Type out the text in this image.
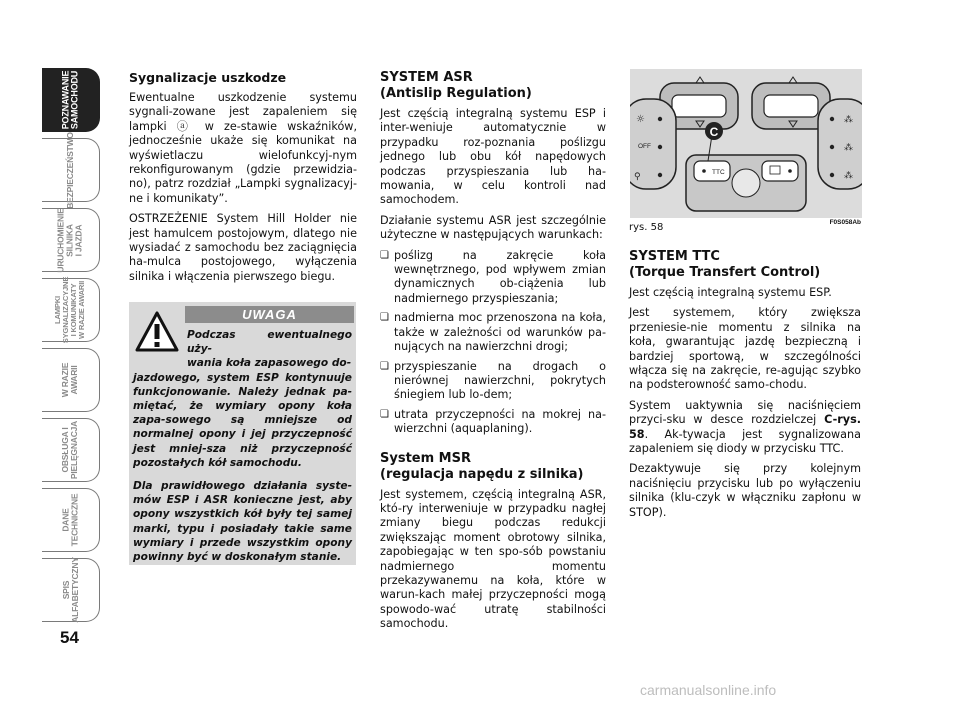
POZNAWANIE
SAMOCHODU
BEZPIECZEŃSTWO
URUCHOMIENIE
SILNIKA
I JAZDA
LAMPKI
SYGNALIZACYJNE
I KOMUNIKATY
W RAZIE AWARII
W RAZIE
AWARII
OBSŁUGA I
PIELĘGNACJA
DANE
TECHNICZNE
SPIS
ALFABETYCZNY
54
Sygnalizacje uszkodze

Ewentualne uszkodzenie systemu sygnali-zowane jest zapaleniem się lampki ⓐ w ze-stawie wskaźników, jednocześnie ukaże się komunikat na wyświetlaczu wielofunkcyj-nym rekonfigurowanym (gdzie przewidzia-no), patrz rozdział „Lampki sygnalizacyj-ne i komunikaty”.

OSTRZEŻENIE System Hill Holder nie jest hamulcem postojowym, dlatego nie wysiadać z samochodu bez zaciągnięcia ha-mulca postojowego, wyłączenia silnika i włączenia pierwszego biegu.

UWAGA

Podczas ewentualnego uży-
wania koła zapasowego do-
jazdowego, system ESP kontynuuje funkcjonowanie. Należy jednak pa-miętać, że wymiary opony koła zapa-sowego są mniejsze od normalnej opony i jej przyczepność jest mniej-sza niż przyczepność pozostałych kół samochodu.

Dla prawidłowego działania syste-mów ESP i ASR konieczne jest, aby opony wszystkich kół były tej samej marki, typu i posiadały takie same wymiary i przede wszystkim opony powinny być w doskonałym stanie.

SYSTEM ASR
(Antislip Regulation)

Jest częścią integralną systemu ESP i inter-weniuje automatycznie w przypadku roz-poznania poślizgu jednego lub obu kół napędowych podczas przyspieszania lub ha-mowania, w celu kontroli nad samochodem.

Działanie systemu ASR jest szczególnie użyteczne w następujących warunkach:

❏ poślizg na zakręcie koła wewnętrznego, pod wpływem zmian dynamicznych ob-ciążenia lub nadmiernego przyspieszania;
❏ nadmierna moc przenoszona na koła, także w zależności od warunków pa-nujących na nawierzchni drogi;
❏ przyspieszanie na drogach o nierównej nawierzchni, pokrytych śniegiem lub lo-dem;
❏ utrata przyczepności na mokrej na-wierzchni (aquaplaning).
System MSR
(regulacja napędu z silnika)

Jest systemem, częścią integralną ASR, któ-ry interweniuje w przypadku nagłej zmiany biegu podczas redukcji zwiększając moment obrotowy silnika, zapobiegając w ten spo-sób powstaniu nadmiernego momentu przekazywanemu na koła, które w warun-kach małej przyczepności mogą spowodo-wać utratę stabilności samochodu.

☼
⚲
⁂
⁂
⁂
C
OFF
TTC
rys. 58	F0S058Ab
SYSTEM TTC
(Torque Transfert Control)

Jest częścią integralną systemu ESP.

Jest systemem, który zwiększa przeniesie-nie momentu z silnika na koła, gwarantując jazdę bezpieczną i bardziej sportową, w szczególności włącza się na zakręcie, re-agując szybko na podsterowność samo-chodu.

System uaktywnia się naciśnięciem przyci-sku w desce rozdzielczej C-rys. 58. Ak-tywacja jest sygnalizowana zapaleniem się diody w przycisku TTC.

Dezaktywuje się przy kolejnym naciśnięciu przycisku lub po wyłączeniu silnika (klu-czyk w włączniku zapłonu w STOP).

carmanualsonline.info
